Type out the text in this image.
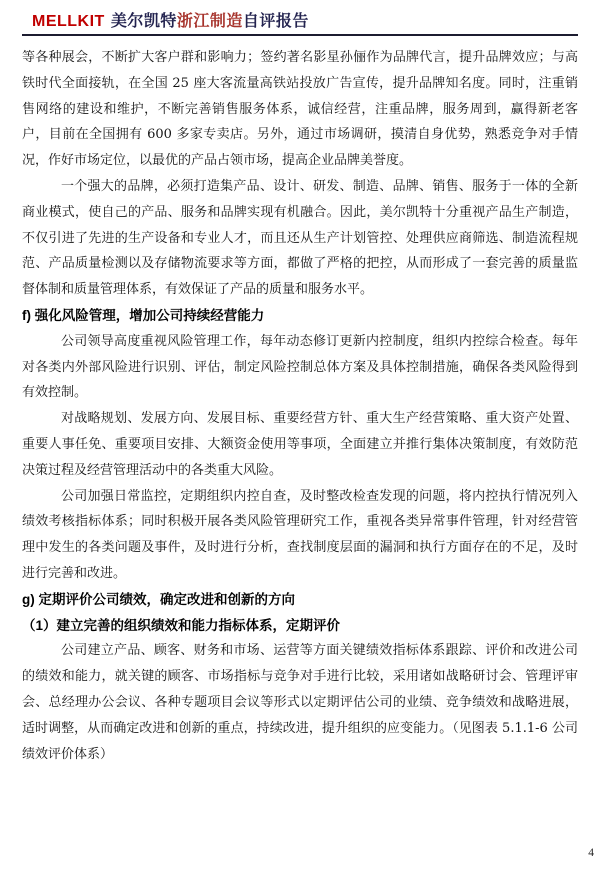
MELLKIT 美尔凯特浙江制造自评报告

等各种展会，不断扩大客户群和影响力；签约著名影星孙俪作为品牌代言，提升品牌效应；与高铁时代全面接轨，在全国 25 座大客流量高铁站投放广告宣传，提升品牌知名度。同时，注重销售网络的建设和维护，不断完善销售服务体系，诚信经营，注重品牌，服务周到，赢得新老客户，目前在全国拥有 600 多家专卖店。另外，通过市场调研，摸清自身优势，熟悉竞争对手情况，作好市场定位，以最优的产品占领市场，提高企业品牌美誉度。

一个强大的品牌，必须打造集产品、设计、研发、制造、品牌、销售、服务于一体的全新商业模式，使自己的产品、服务和品牌实现有机融合。因此，美尔凯特十分重视产品生产制造，不仅引进了先进的生产设备和专业人才，而且还从生产计划管控、处理供应商筛选、制造流程规范、产品质量检测以及存储物流要求等方面，都做了严格的把控，从而形成了一套完善的质量监督体制和质量管理体系，有效保证了产品的质量和服务水平。

f) 强化风险管理，增加公司持续经营能力

公司领导高度重视风险管理工作，每年动态修订更新内控制度，组织内控综合检查。每年对各类内外部风险进行识别、评估，制定风险控制总体方案及具体控制措施，确保各类风险得到有效控制。

对战略规划、发展方向、发展目标、重要经营方针、重大生产经营策略、重大资产处置、重要人事任免、重要项目安排、大额资金使用等事项，全面建立并推行集体决策制度，有效防范决策过程及经营管理活动中的各类重大风险。

公司加强日常监控，定期组织内控自查，及时整改检查发现的问题，将内控执行情况列入绩效考核指标体系；同时积极开展各类风险管理研究工作，重视各类异常事件管理，针对经营管理中发生的各类问题及事件，及时进行分析，查找制度层面的漏洞和执行方面存在的不足，及时进行完善和改进。

g) 定期评价公司绩效，确定改进和创新的方向
（1）建立完善的组织绩效和能力指标体系，定期评价

公司建立产品、顾客、财务和市场、运营等方面关键绩效指标体系跟踪、评价和改进公司的绩效和能力，就关键的顾客、市场指标与竞争对手进行比较，采用诸如战略研讨会、管理评审会、总经理办公会议、各种专题项目会议等形式以定期评估公司的业绩、竞争绩效和战略进展，适时调整，从而确定改进和创新的重点，持续改进，提升组织的应变能力。（见图表 5.1.1-6 公司绩效评价体系）

4
